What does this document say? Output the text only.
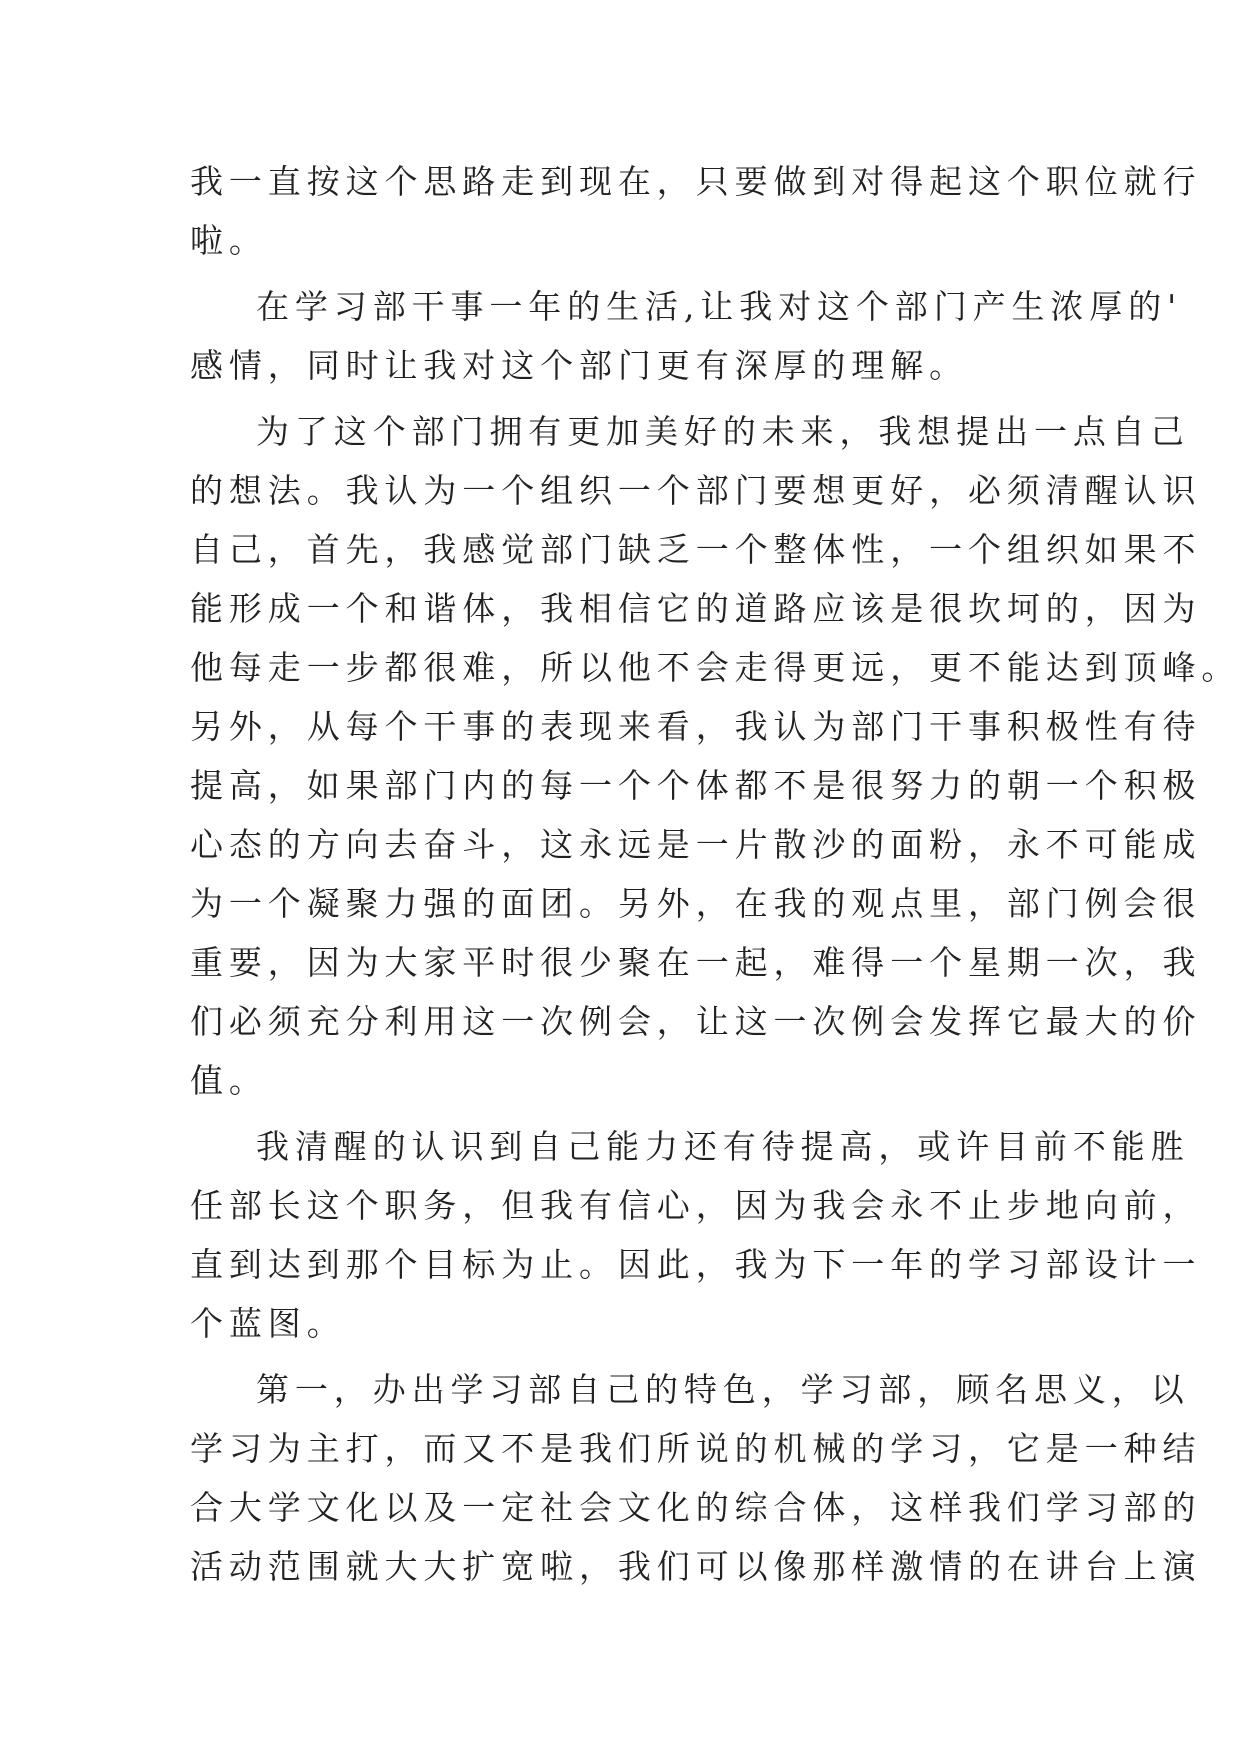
我一直按这个思路走到现在，只要做到对得起这个职位就行
啦。
在学习部干事一年的生活,让我对这个部门产生浓厚的'
感情，同时让我对这个部门更有深厚的理解。
为了这个部门拥有更加美好的未来，我想提出一点自己
的想法。我认为一个组织一个部门要想更好，必须清醒认识
自己，首先，我感觉部门缺乏一个整体性，一个组织如果不
能形成一个和谐体，我相信它的道路应该是很坎坷的，因为
他每走一步都很难，所以他不会走得更远，更不能达到顶峰。
另外，从每个干事的表现来看，我认为部门干事积极性有待
提高，如果部门内的每一个个体都不是很努力的朝一个积极
心态的方向去奋斗，这永远是一片散沙的面粉，永不可能成
为一个凝聚力强的面团。另外，在我的观点里，部门例会很
重要，因为大家平时很少聚在一起，难得一个星期一次，我
们必须充分利用这一次例会，让这一次例会发挥它最大的价
值。
我清醒的认识到自己能力还有待提高，或许目前不能胜
任部长这个职务，但我有信心，因为我会永不止步地向前，
直到达到那个目标为止。因此，我为下一年的学习部设计一
个蓝图。
第一，办出学习部自己的特色，学习部，顾名思义，以
学习为主打，而又不是我们所说的机械的学习，它是一种结
合大学文化以及一定社会文化的综合体，这样我们学习部的
活动范围就大大扩宽啦，我们可以像那样激情的在讲台上演
